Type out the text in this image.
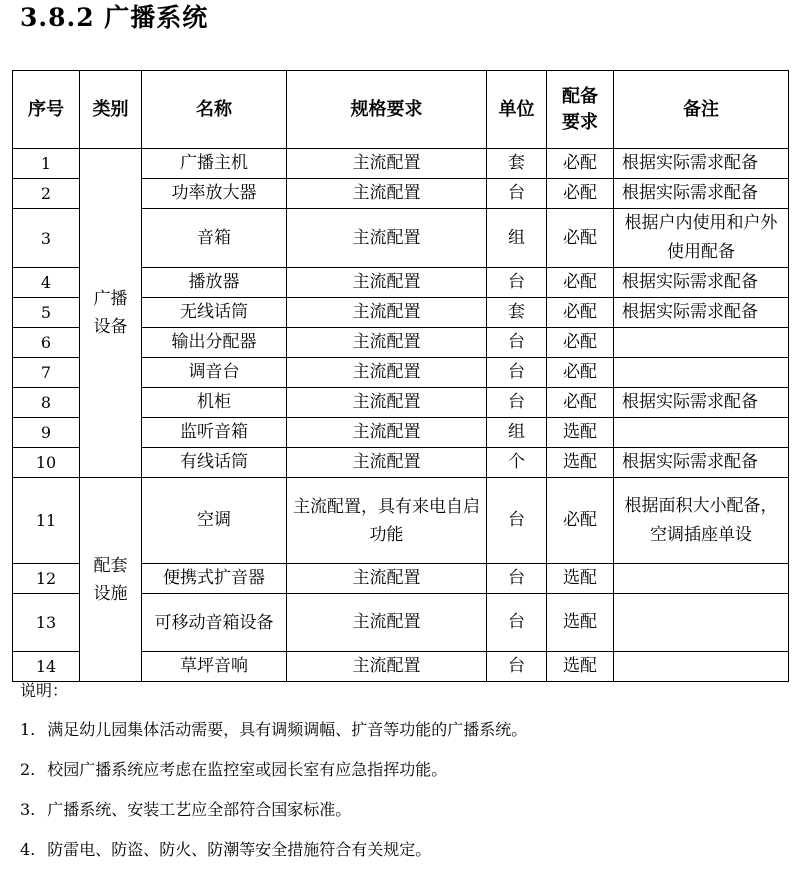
3.8.2 广播系统
序号	类别	名称	规格要求	单位	配备要求	备注
1	广播设备	广播主机	主流配置	套	必配	根据实际需求配备
2		功率放大器	主流配置	台	必配	根据实际需求配备
3		音箱	主流配置	组	必配	根据户内使用和户外使用配备
4		播放器	主流配置	台	必配	根据实际需求配备
5		无线话筒	主流配置	套	必配	根据实际需求配备
6		输出分配器	主流配置	台	必配	
7		调音台	主流配置	台	必配	
8		机柜	主流配置	台	必配	根据实际需求配备
9		监听音箱	主流配置	组	选配	
10		有线话筒	主流配置	个	选配	根据实际需求配备
11	配套设施	空调	主流配置，具有来电自启功能	台	必配	根据面积大小配备，空调插座单设
12		便携式扩音器	主流配置	台	选配	
13		可移动音箱设备	主流配置	台	选配	
14		草坪音响	主流配置	台	选配	
说明：
1. 满足幼儿园集体活动需要，具有调频调幅、扩音等功能的广播系统。
2. 校园广播系统应考虑在监控室或园长室有应急指挥功能。
3. 广播系统、安装工艺应全部符合国家标准。
4. 防雷电、防盗、防火、防潮等安全措施符合有关规定。
